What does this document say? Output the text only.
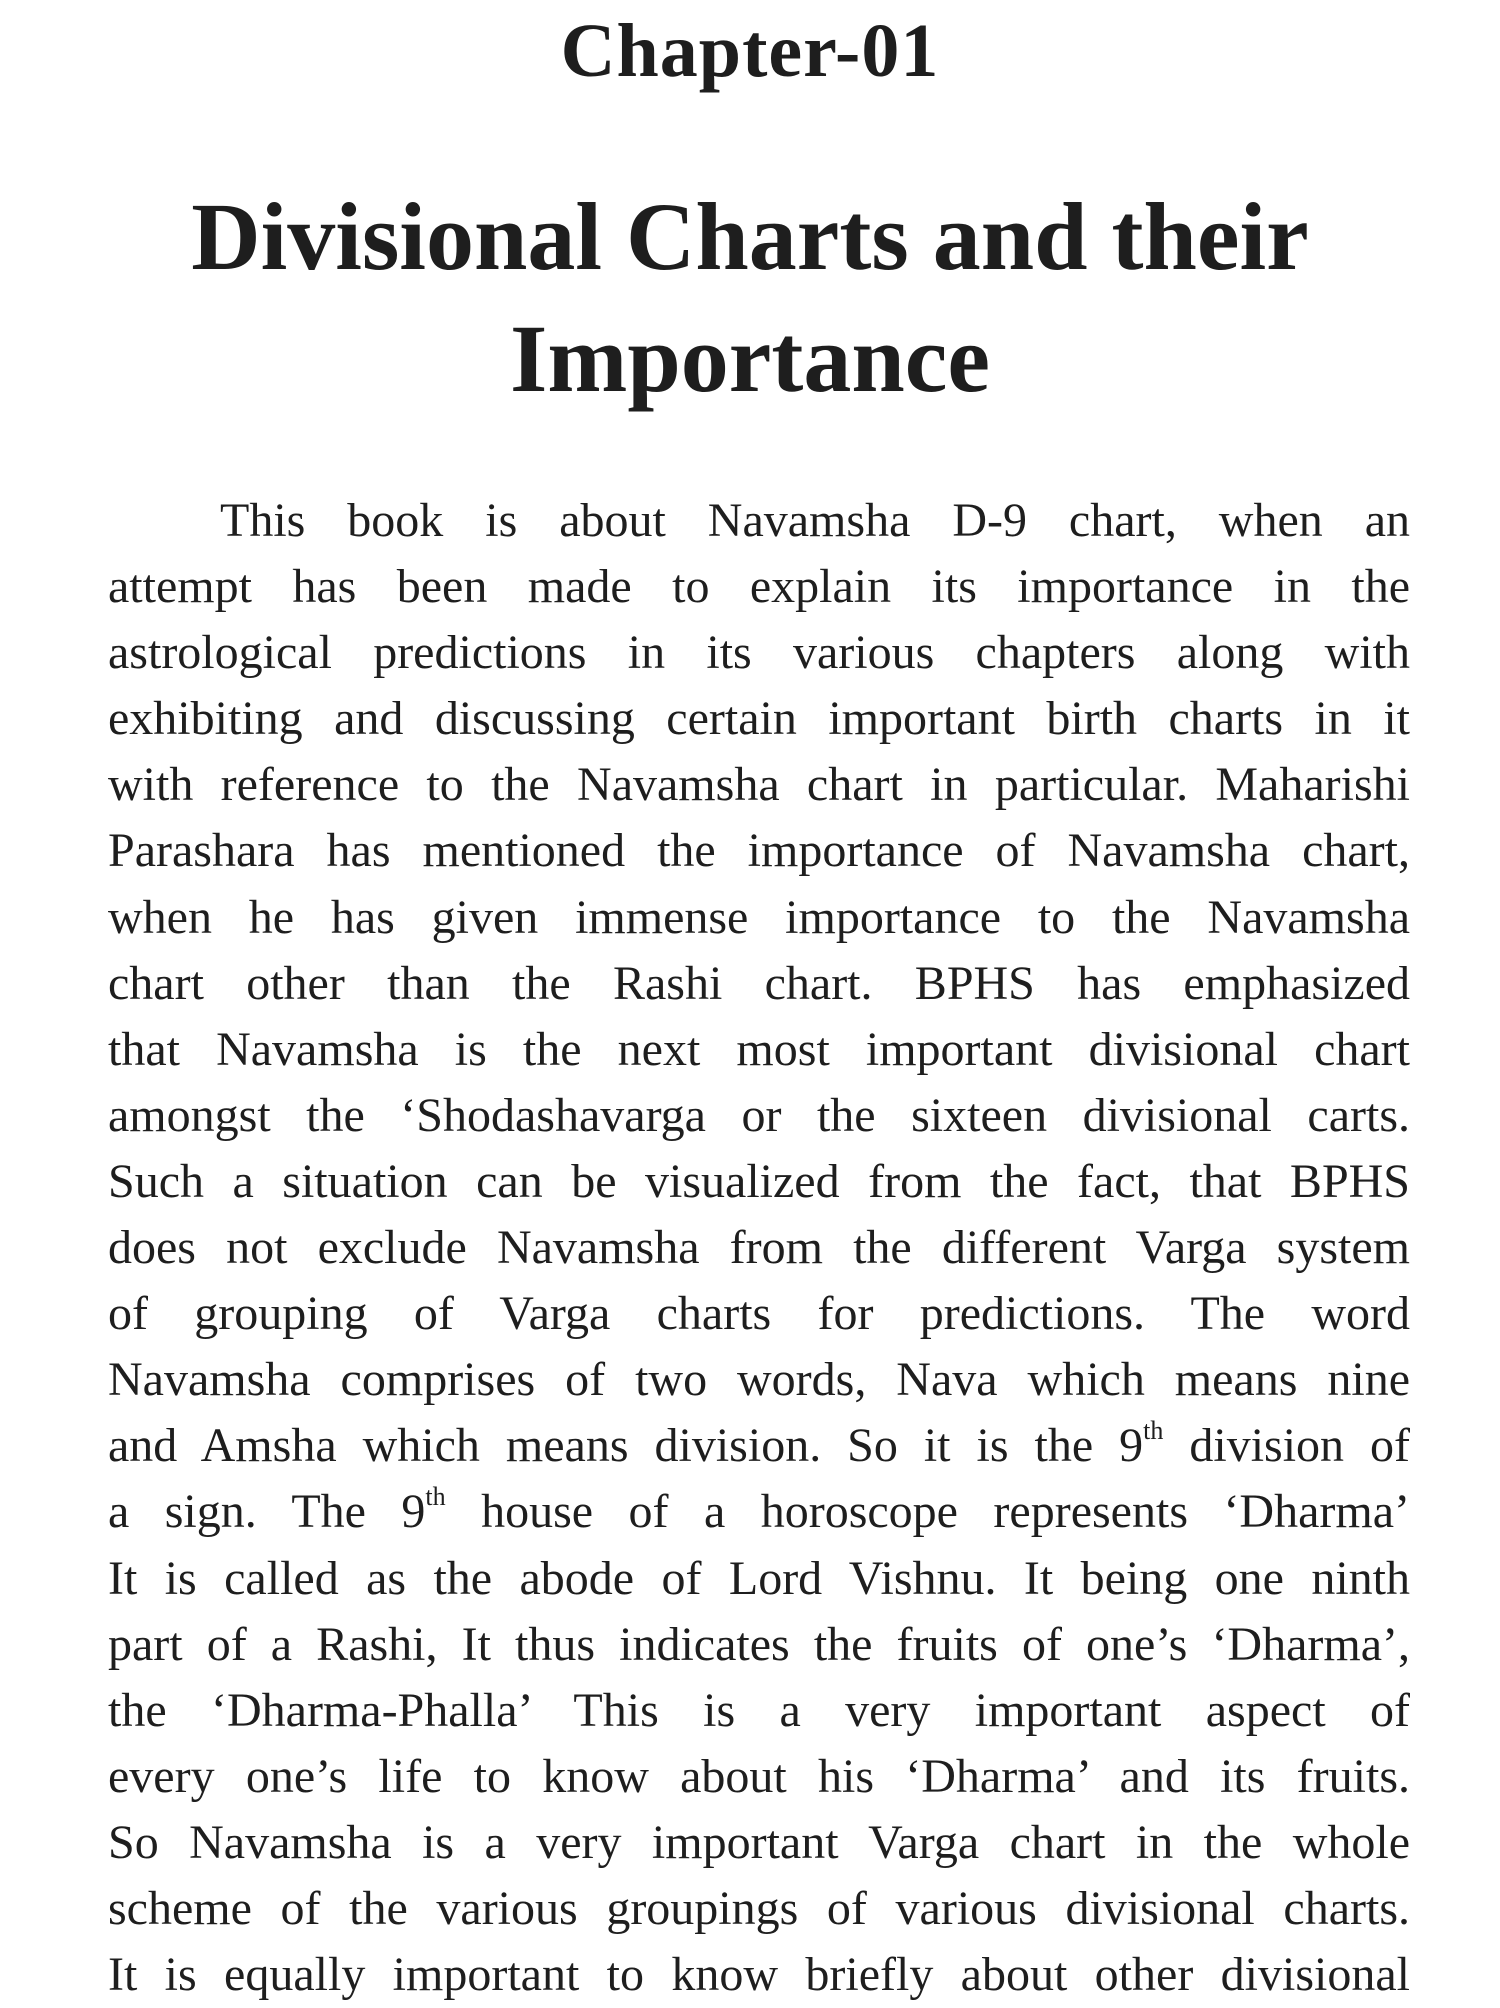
Chapter-01
Divisional Charts and their
Importance
This book is about Navamsha D-9 chart, when an
attempt has been made to explain its importance in the
astrological predictions in its various chapters along with
exhibiting and discussing certain important birth charts in it
with reference to the Navamsha chart in particular. Maharishi
Parashara has mentioned the importance of Navamsha chart,
when he has given immense importance to the Navamsha
chart other than the Rashi chart. BPHS has emphasized
that Navamsha is the next most important divisional chart
amongst the ‘Shodashavarga or the sixteen divisional carts.
Such a situation can be visualized from the fact, that BPHS
does not exclude Navamsha from the different Varga system
of grouping of Varga charts for predictions. The word
Navamsha comprises of two words, Nava which means nine
and Amsha which means division. So it is the 9th division of
a sign. The 9th house of a horoscope represents ‘Dharma’
It is called as the abode of Lord Vishnu. It being one ninth
part of a Rashi, It thus indicates the fruits of one’s ‘Dharma’,
the ‘Dharma-Phalla’ This is a very important aspect of
every one’s life to know about his ‘Dharma’ and its fruits.
So Navamsha is a very important Varga chart in the whole
scheme of the various groupings of various divisional charts.
It is equally important to know briefly about other divisional
